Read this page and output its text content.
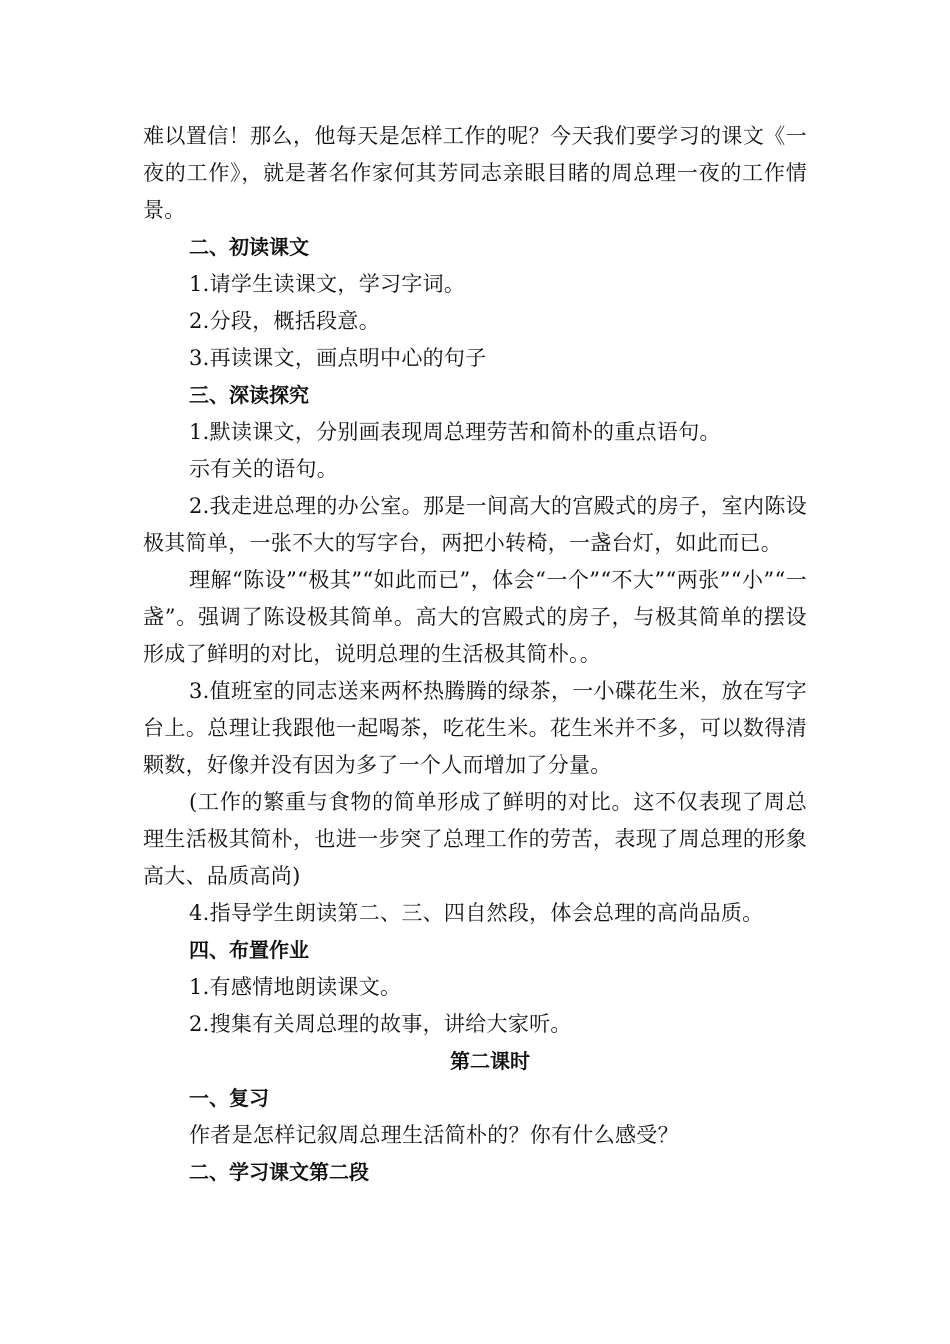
难以置信！那么，他每天是怎样工作的呢？今天我们要学习的课文《一夜的工作》，就是著名作家何其芳同志亲眼目睹的周总理一夜的工作情景。

二、初读课文

1.请学生读课文，学习字词。

2.分段，概括段意。

3.再读课文，画点明中心的句子

三、深读探究

1.默读课文，分别画表现周总理劳苦和简朴的重点语句。

示有关的语句。

2.我走进总理的办公室。那是一间高大的宫殿式的房子，室内陈设极其简单，一张不大的写字台，两把小转椅，一盏台灯，如此而已。

理解“陈设”“极其”“如此而已”，体会“一个”“不大”“两张”“小”“一盏”。强调了陈设极其简单。高大的宫殿式的房子，与极其简单的摆设形成了鲜明的对比，说明总理的生活极其简朴。。

3.值班室的同志送来两杯热腾腾的绿茶，一小碟花生米，放在写字台上。总理让我跟他一起喝茶，吃花生米。花生米并不多，可以数得清颗数，好像并没有因为多了一个人而增加了分量。

(工作的繁重与食物的简单形成了鲜明的对比。这不仅表现了周总理生活极其简朴，也进一步突了总理工作的劳苦，表现了周总理的形象高大、品质高尚)

4.指导学生朗读第二、三、四自然段，体会总理的高尚品质。

四、布置作业

1.有感情地朗读课文。

2.搜集有关周总理的故事，讲给大家听。

第二课时

一、复习

作者是怎样记叙周总理生活简朴的？你有什么感受？

二、学习课文第二段
